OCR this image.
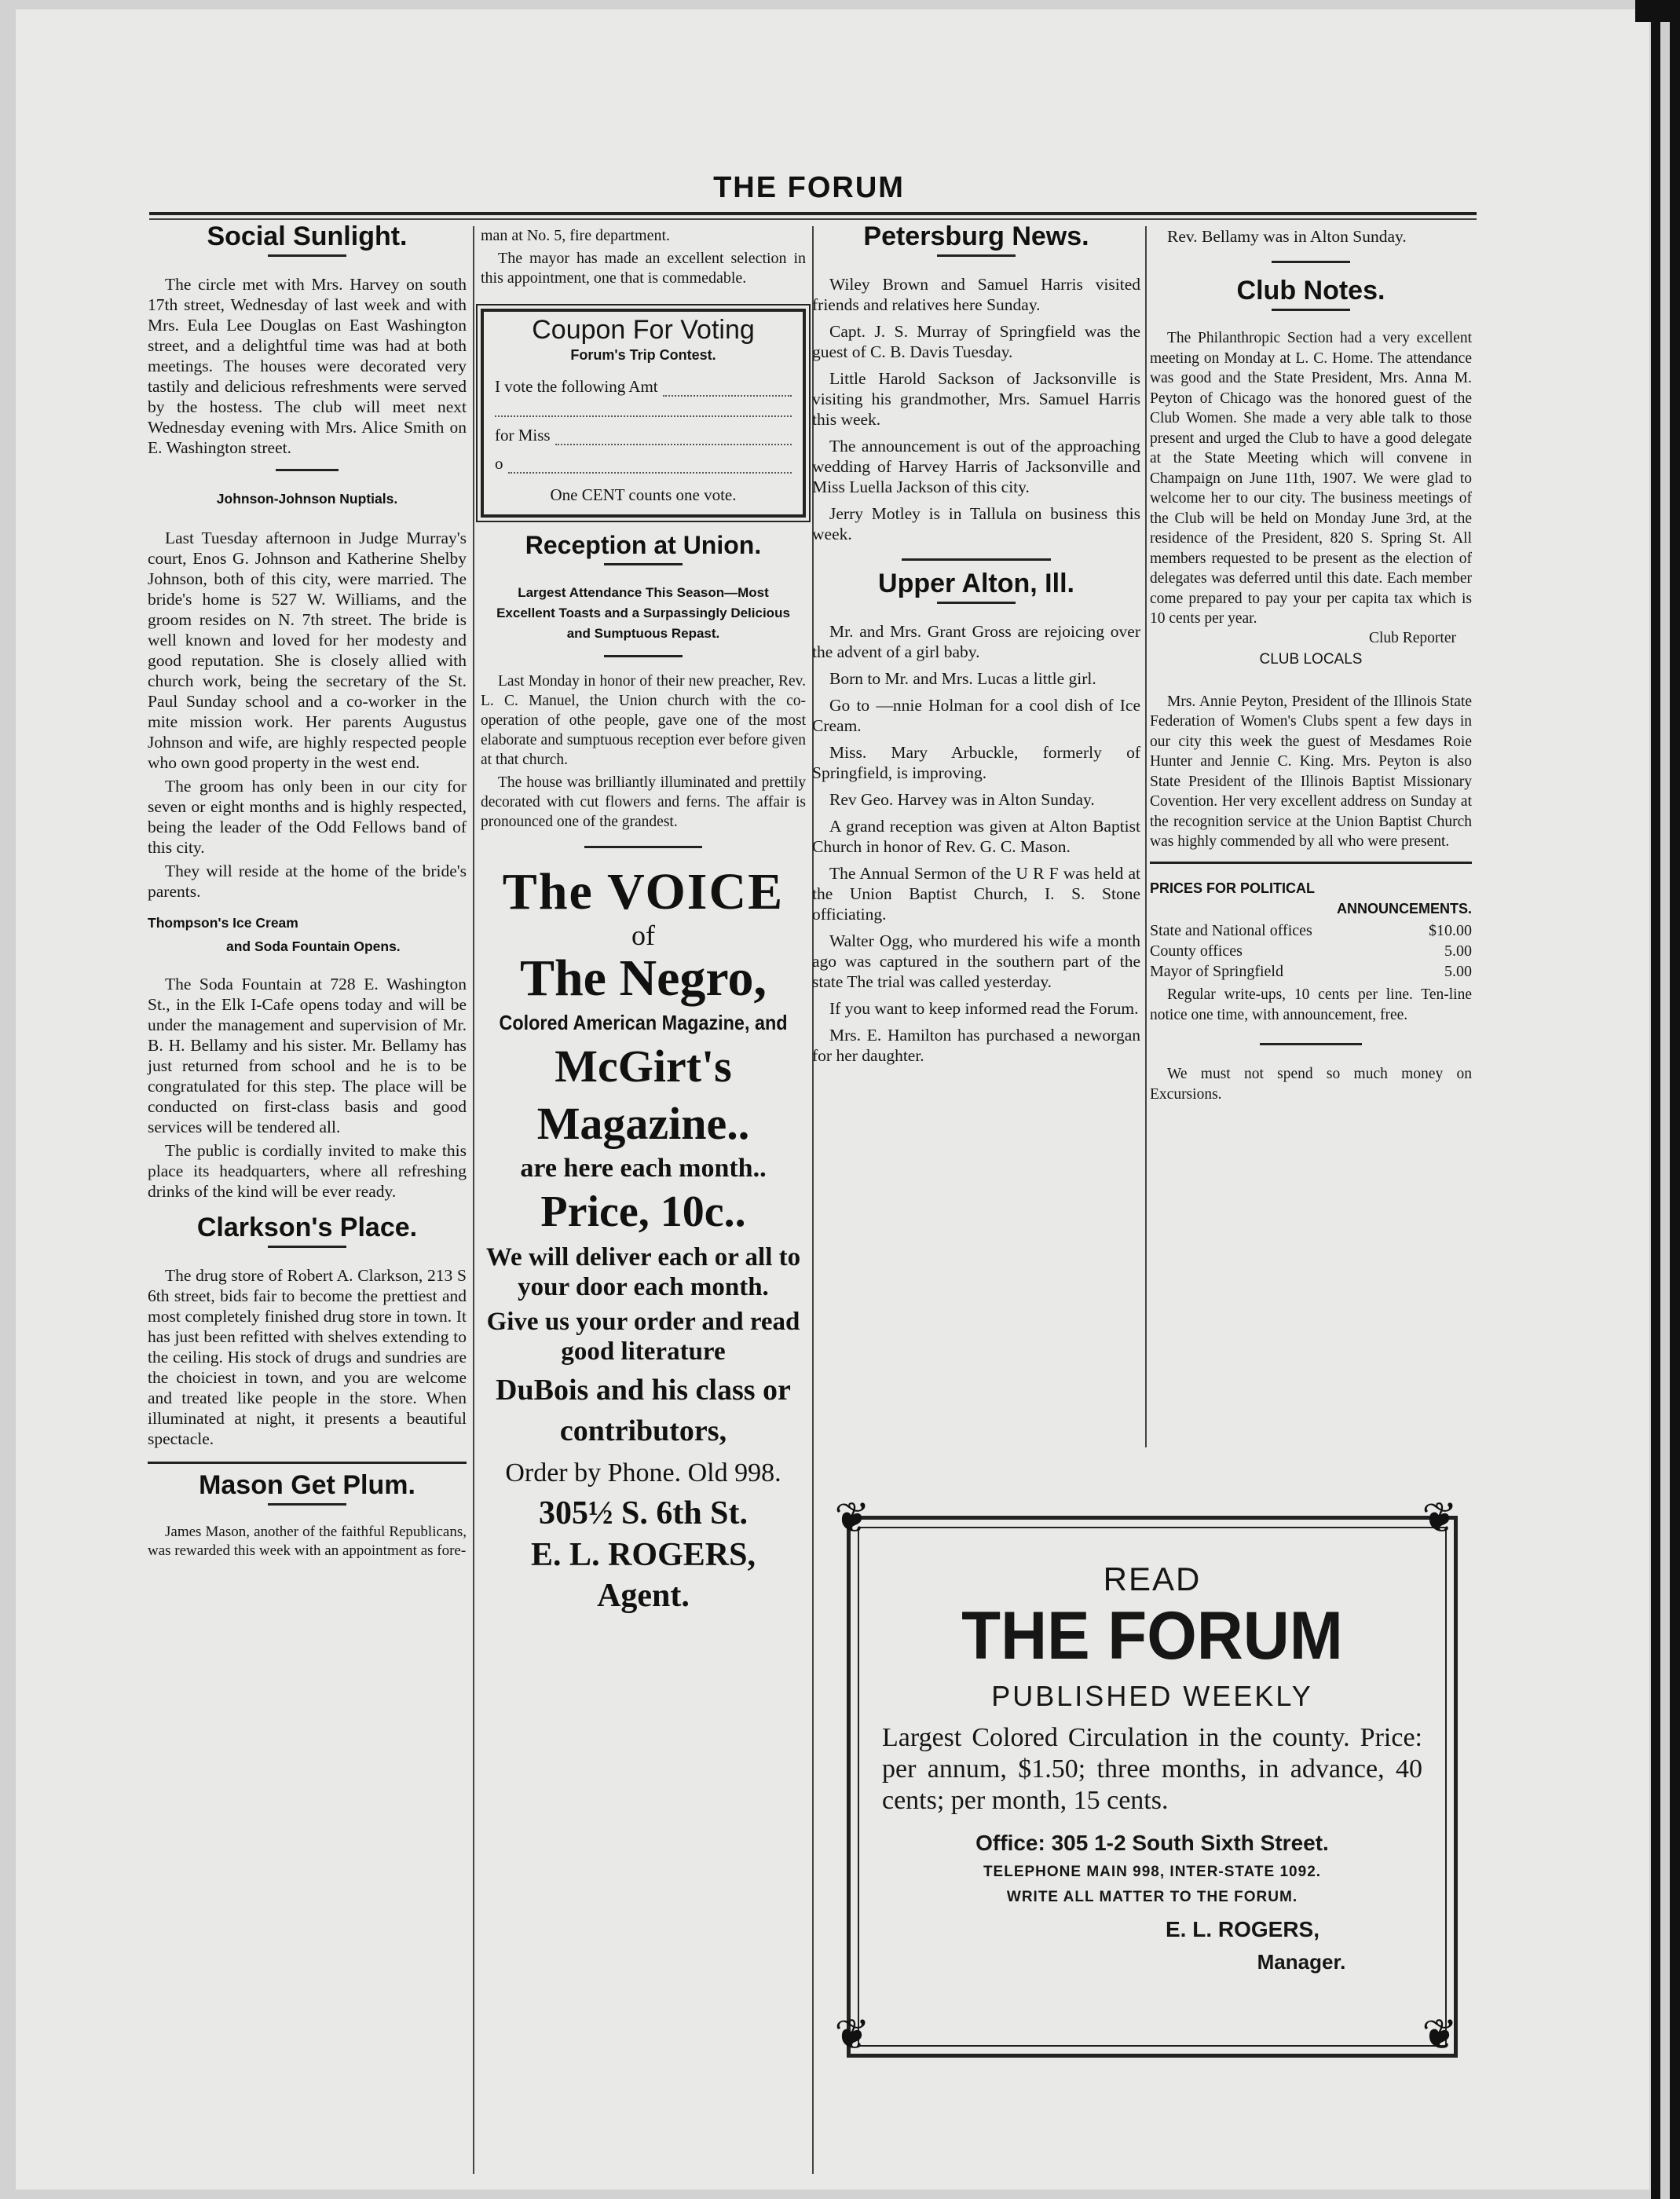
THE FORUM
Social Sunlight.

The circle met with Mrs. Harvey on south 17th street, Wednesday of last week and with Mrs. Eula Lee Douglas on East Washington street, and a delightful time was had at both meetings. The houses were decorated very tastily and delicious refreshments were served by the hostess. The club will meet next Wednesday evening with Mrs. Alice Smith on E. Washington street.

Johnson-Johnson Nuptials.

Last Tuesday afternoon in Judge Murray's court, Enos G. Johnson and Katherine Shelby Johnson, both of this city, were married. The bride's home is 527 W. Williams, and the groom resides on N. 7th street. The bride is well known and loved for her modesty and good reputation. She is closely allied with church work, being the secretary of the St. Paul Sunday school and a co-worker in the mite mission work. Her parents Augustus Johnson and wife, are highly respected people who own good property in the west end.

The groom has only been in our city for seven or eight months and is highly respected, being the leader of the Odd Fellows band of this city.

They will reside at the home of the bride's parents.

Thompson's Ice Cream

and Soda Fountain Opens.

The Soda Fountain at 728 E. Washington St., in the Elk I-Cafe opens today and will be under the management and supervision of Mr. B. H. Bellamy and his sister. Mr. Bellamy has just returned from school and he is to be congratulated for this step. The place will be conducted on first-class basis and good services will be tendered all.

The public is cordially invited to make this place its headquarters, where all refreshing drinks of the kind will be ever ready.

Clarkson's Place.

The drug store of Robert A. Clarkson, 213 S 6th street, bids fair to become the prettiest and most completely finished drug store in town. It has just been refitted with shelves extending to the ceiling. His stock of drugs and sundries are the choiciest in town, and you are welcome and treated like people in the store. When illuminated at night, it presents a beautiful spectacle.

Mason Get Plum.

James Mason, another of the faithful Republicans, was rewarded this week with an appointment as fore-

man at No. 5, fire department.

The mayor has made an excellent selection in this appointment, one that is commedable.

Coupon For Voting
Forum's Trip Contest.
I vote the following Amt
for Miss
o
One CENT counts one vote.
Reception at Union.

Largest Attendance This Season—Most Excellent Toasts and a Surpassingly Delicious and Sumptuous Repast.

Last Monday in honor of their new preacher, Rev. L. C. Manuel, the Union church with the co-operation of othe people, gave one of the most elaborate and sumptuous reception ever before given at that church.

The house was brilliantly illuminated and prettily decorated with cut flowers and ferns. The affair is pronounced one of the grandest.

The VOICE
of
The Negro,
Colored American Magazine, and
McGirt's
Magazine..
are here each month..
Price, 10c..
We will deliver each or all to your door each month.
Give us your order and read good literature
DuBois and his class or contributors,
Order by Phone. Old 998.
305½ S. 6th St.
E. L. ROGERS,
Agent.
Petersburg News.

Wiley Brown and Samuel Harris visited friends and relatives here Sunday.

Capt. J. S. Murray of Springfield was the guest of C. B. Davis Tuesday.

Little Harold Sackson of Jacksonville is visiting his grandmother, Mrs. Samuel Harris this week.

The announcement is out of the approaching wedding of Harvey Harris of Jacksonville and Miss Luella Jackson of this city.

Jerry Motley is in Tallula on business this week.

Upper Alton, Ill.

Mr. and Mrs. Grant Gross are rejoicing over the advent of a girl baby.

Born to Mr. and Mrs. Lucas a little girl.

Go to —nnie Holman for a cool dish of Ice Cream.

Miss. Mary Arbuckle, formerly of Springfield, is improving.

Rev Geo. Harvey was in Alton Sunday.

A grand reception was given at Alton Baptist Church in honor of Rev. G. C. Mason.

The Annual Sermon of the U R F was held at the Union Baptist Church, I. S. Stone officiating.

Walter Ogg, who murdered his wife a month ago was captured in the southern part of the state The trial was called yesterday.

If you want to keep informed read the Forum.

Mrs. E. Hamilton has purchased a neworgan for her daughter.

Rev. Bellamy was in Alton Sunday.

Club Notes.

The Philanthropic Section had a very excellent meeting on Monday at L. C. Home. The attendance was good and the State President, Mrs. Anna M. Peyton of Chicago was the honored guest of the Club Women. She made a very able talk to those present and urged the Club to have a good delegate at the State Meeting which will convene in Champaign on June 11th, 1907. We were glad to welcome her to our city. The business meetings of the Club will be held on Monday June 3rd, at the residence of the President, 820 S. Spring St. All members requested to be present as the election of delegates was deferred until this date. Each member come prepared to pay your per capita tax which is 10 cents per year.

Club Reporter
CLUB LOCALS

Mrs. Annie Peyton, President of the Illinois State Federation of Women's Clubs spent a few days in our city this week the guest of Mesdames Roie Hunter and Jennie C. King. Mrs. Peyton is also State President of the Illinois Baptist Missionary Covention. Her very excellent address on Sunday at the recognition service at the Union Baptist Church was highly commended by all who were present.

PRICES FOR POLITICAL
ANNOUNCEMENTS.
State and National offices	$10.00
County offices	5.00
Mayor of Springfield	5.00

Regular write-ups, 10 cents per line. Ten-line notice one time, with announcement, free.

We must not spend so much money on Excursions.

READ
THE FORUM
PUBLISHED WEEKLY
Largest Colored Circulation in the county. Price: per annum, $1.50; three months, in advance, 40 cents; per month, 15 cents.
Office: 305 1-2 South Sixth Street.
TELEPHONE MAIN 998, INTER-STATE 1092.
WRITE ALL MATTER TO THE FORUM.
E. L. ROGERS,
Manager.
❦	❦
❦	❦
